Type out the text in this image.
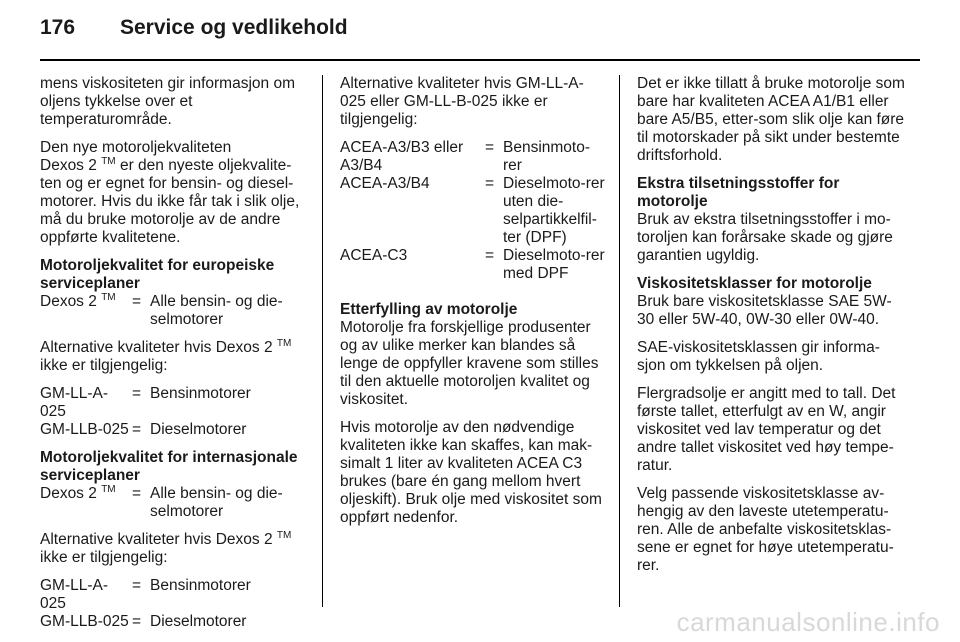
176	Service og vedlikehold

mens viskositeten gir informasjon om oljens tykkelse over et temperaturområde.

Den nye motoroljekvaliteten
Dexos 2 ™ er den nyeste oljekvalite-ten og er egnet for bensin- og diesel-motorer. Hvis du ikke får tak i slik olje, må du bruke motorolje av de andre oppførte kvalitetene.

Motoroljekvalitet for europeiske serviceplaner
Dexos 2 ™	=	Alle bensin- og die-selmotorer

Alternative kvaliteter hvis Dexos 2 ™
ikke er tilgjengelig:

GM-LL-A-025	=	Bensinmotorer
GM-LLB-025	=	Dieselmotorer
Motoroljekvalitet for internasjonale serviceplaner
Dexos 2 ™	=	Alle bensin- og die-selmotorer

Alternative kvaliteter hvis Dexos 2 ™
ikke er tilgjengelig:

GM-LL-A-025	=	Bensinmotorer
GM-LLB-025	=	Dieselmotorer

Alternative kvaliteter hvis GM-LL-A-025 eller GM-LL-B-025 ikke er tilgjengelig:

ACEA-A3/B3 eller A3/B4	=	Bensinmoto-rer
ACEA-A3/B4	=	Dieselmoto-rer uten die-selpartikkelfil-ter (DPF)
ACEA-C3	=	Dieselmoto-rer med DPF
Etterfylling av motorolje

Motorolje fra forskjellige produsenter og av ulike merker kan blandes så lenge de oppfyller kravene som stilles til den aktuelle motoroljen kvalitet og viskositet.

Hvis motorolje av den nødvendige kvaliteten ikke kan skaffes, kan mak-simalt 1 liter av kvaliteten ACEA C3 brukes (bare én gang mellom hvert oljeskift). Bruk olje med viskositet som oppført nedenfor.

Det er ikke tillatt å bruke motorolje som bare har kvaliteten ACEA A1/B1 eller bare A5/B5, etter-som slik olje kan føre til motorskader på sikt under bestemte driftsforhold.

Ekstra tilsetningsstoffer for motorolje

Bruk av ekstra tilsetningsstoffer i mo-toroljen kan forårsake skade og gjøre garantien ugyldig.

Viskositetsklasser for motorolje

Bruk bare viskositetsklasse SAE 5W-30 eller 5W-40, 0W-30 eller 0W-40.

SAE-viskositetsklassen gir informa-sjon om tykkelsen på oljen.

Flergradsolje er angitt med to tall. Det første tallet, etterfulgt av en W, angir viskositet ved lav temperatur og det andre tallet viskositet ved høy tempe-ratur.

Velg passende viskositetsklasse av-hengig av den laveste utetemperatu-ren. Alle de anbefalte viskositetsklas-sene er egnet for høye utetemperatu-rer.

carmanualsonline.info
